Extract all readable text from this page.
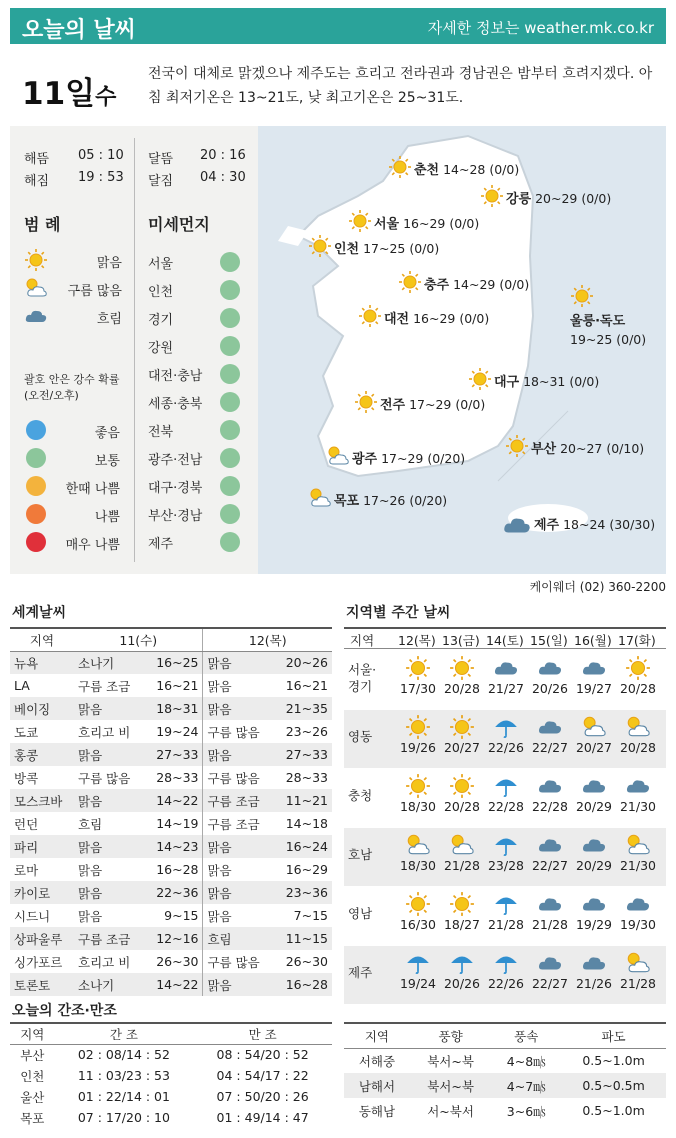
오늘의 날씨	자세한 정보는 weather.mk.co.kr
11일수
전국이 대체로 맑겠으나 제주도는 흐리고 전라권과 경남권은 밤부터 흐려지겠다. 아침 최저기온은 13~21도, 낮 최고기온은 25~31도.
해뜸 05 : 10
해짐 19 : 53
달뜸 20 : 16
달짐 04 : 30
범 례
맑음
구름 많음
흐림
괄호 안은 강수 확률 (오전/오후)
좋음
보통
한때 나쁨
나쁨
매우 나쁨
미세먼지
서울
인천
경기
강원
대전·충남
세종·충북
전북
광주·전남
대구·경북
부산·경남
제주
춘천 14~28 (0/0)
강릉 20~29 (0/0)
서울 16~29 (0/0)
인천 17~25 (0/0)
충주 14~29 (0/0)
대전 16~29 (0/0)	울릉·독도
19~25 (0/0)
대구 18~31 (0/0)
전주 17~29 (0/0)
부산 20~27 (0/10)
광주 17~29 (0/20)
목포 17~26 (0/20)
제주 18~24 (30/30)
케이웨더 (02) 360-2200
세계날씨
지역	11(수)		12(목)	
뉴욕	소나기	16~25	맑음	20~26
LA	구름 조금	16~21	맑음	16~21
베이징	맑음	18~31	맑음	21~35
도쿄	흐리고 비	19~24	구름 많음	23~26
홍콩	맑음	27~33	맑음	27~33
방콕	구름 많음	28~33	구름 많음	28~33
모스크바	맑음	14~22	구름 조금	11~21
런던	흐림	14~19	구름 조금	14~18
파리	맑음	14~23	맑음	16~24
로마	맑음	16~28	맑음	16~29
카이로	맑음	22~36	맑음	23~36
시드니	맑음	9~15	맑음	7~15
상파울루	구름 조금	12~16	흐림	11~15
싱가포르	흐리고 비	26~30	구름 많음	26~30
토론토	소나기	14~22	맑음	16~28
지역별 주간 날씨
지역 12(목) 13(금) 14(토) 15(일) 16(월) 17(화)
서울·
경기	17/30 20/28 21/27 20/26 19/27 20/28
영동
19/26 20/27 22/26 22/27 20/27 20/28
충청
18/30 20/28 22/28 22/28 20/29 21/30
호남
18/30 21/28 23/28 22/27 20/29 21/30
영남
16/30 18/27 21/28 21/28 19/29 19/30
제주
19/24 20/26 22/26 22/27 21/26 21/28
오늘의 간조·만조
지역	간 조	만 조
부산	02 : 08/14 : 52	08 : 54/20 : 52
인천	11 : 03/23 : 53	04 : 54/17 : 22
울산	01 : 22/14 : 01	07 : 50/20 : 26
목포	07 : 17/20 : 10	01 : 49/14 : 47
지역	풍향	풍속	파도
서해중	북서~북	4~8㎧	0.5~1.0m
남해서	북서~북	4~7㎧	0.5~0.5m
동해남	서~북서	3~6㎧	0.5~1.0m
